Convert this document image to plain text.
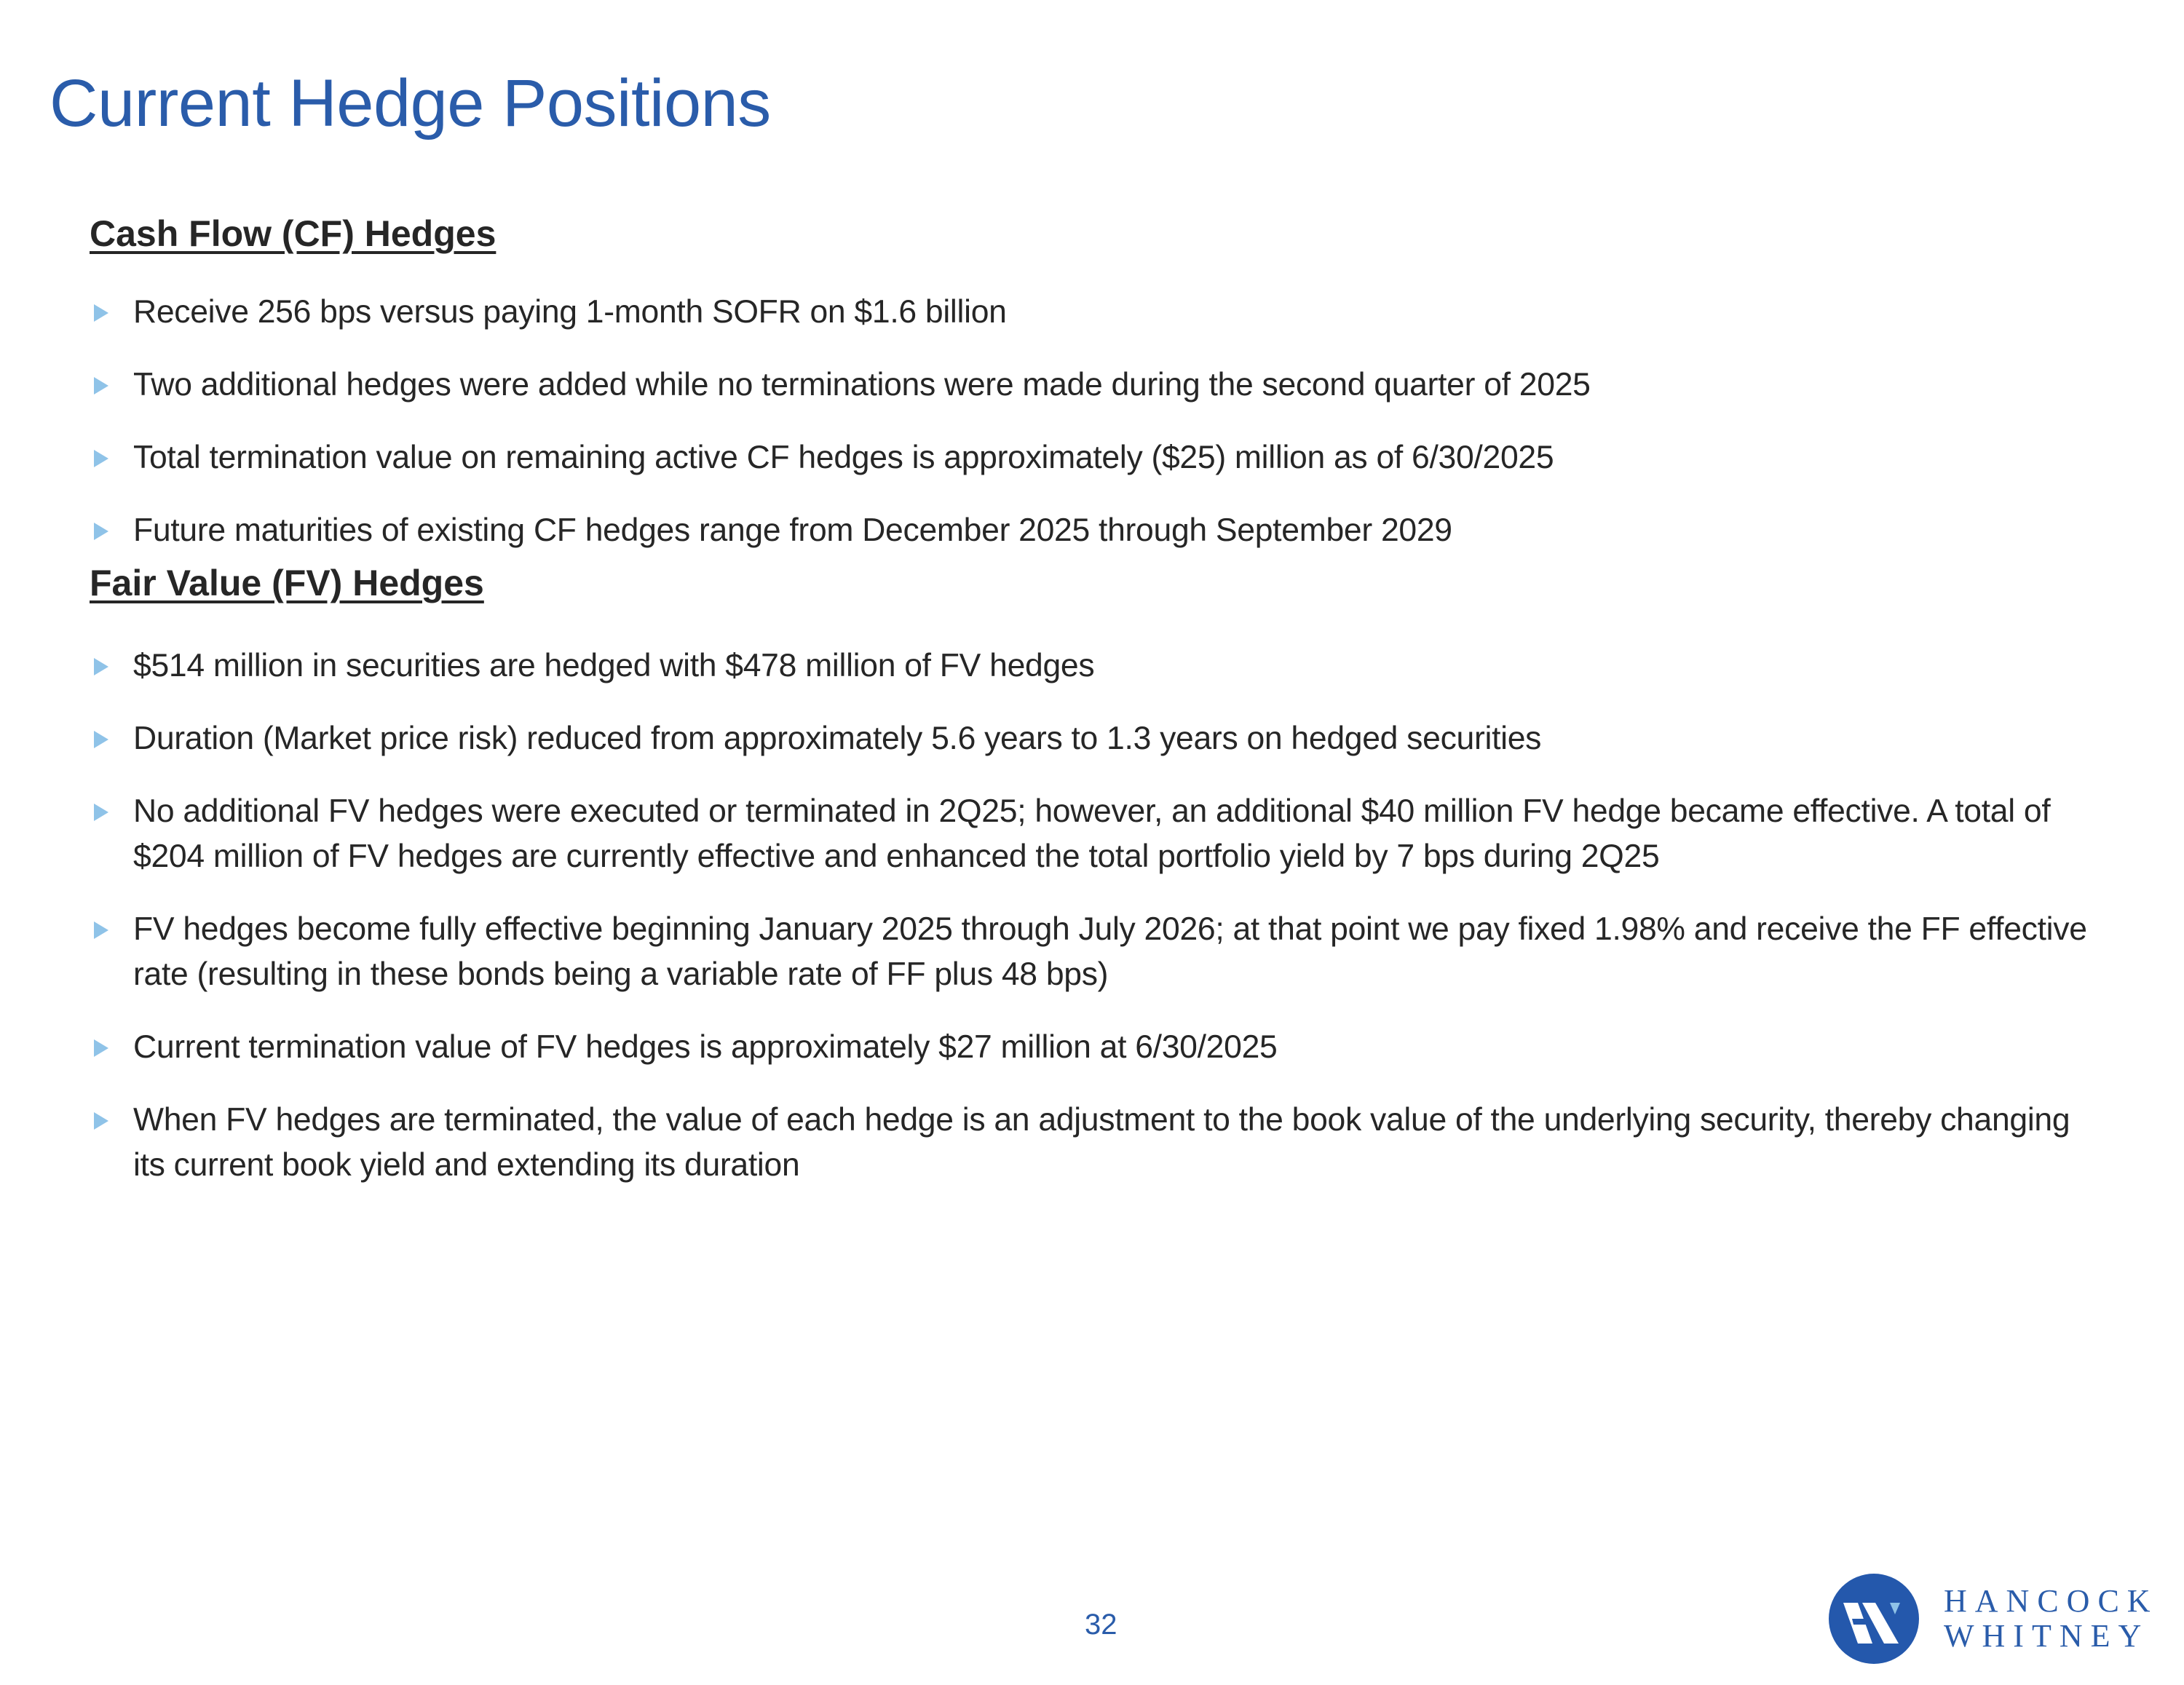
Current Hedge Positions
Cash Flow (CF) Hedges
Receive 256 bps versus paying 1-month SOFR on $1.6 billion
Two additional hedges were added while no terminations were made during the second quarter of 2025
Total termination value on remaining active CF hedges is approximately ($25) million as of 6/30/2025
Future maturities of existing CF hedges range from December 2025 through September 2029
Fair Value (FV) Hedges
$514 million in securities are hedged with $478 million of FV hedges
Duration (Market price risk) reduced from approximately 5.6 years to 1.3 years on hedged securities
No additional FV hedges were executed or terminated in 2Q25; however, an additional $40 million FV hedge became effective. A total of $204 million of FV hedges are currently effective and enhanced the total portfolio yield by 7 bps during 2Q25
FV hedges become fully effective beginning January 2025 through July 2026; at that point we pay fixed 1.98% and receive the FF effective rate (resulting in these bonds being a variable rate of FF plus 48 bps)
Current termination value of FV hedges is approximately $27 million at 6/30/2025
When FV hedges are terminated, the value of each hedge is an adjustment to the book value of the underlying security, thereby changing its current book yield and extending its duration
32
HANCOCK
WHITNEY
